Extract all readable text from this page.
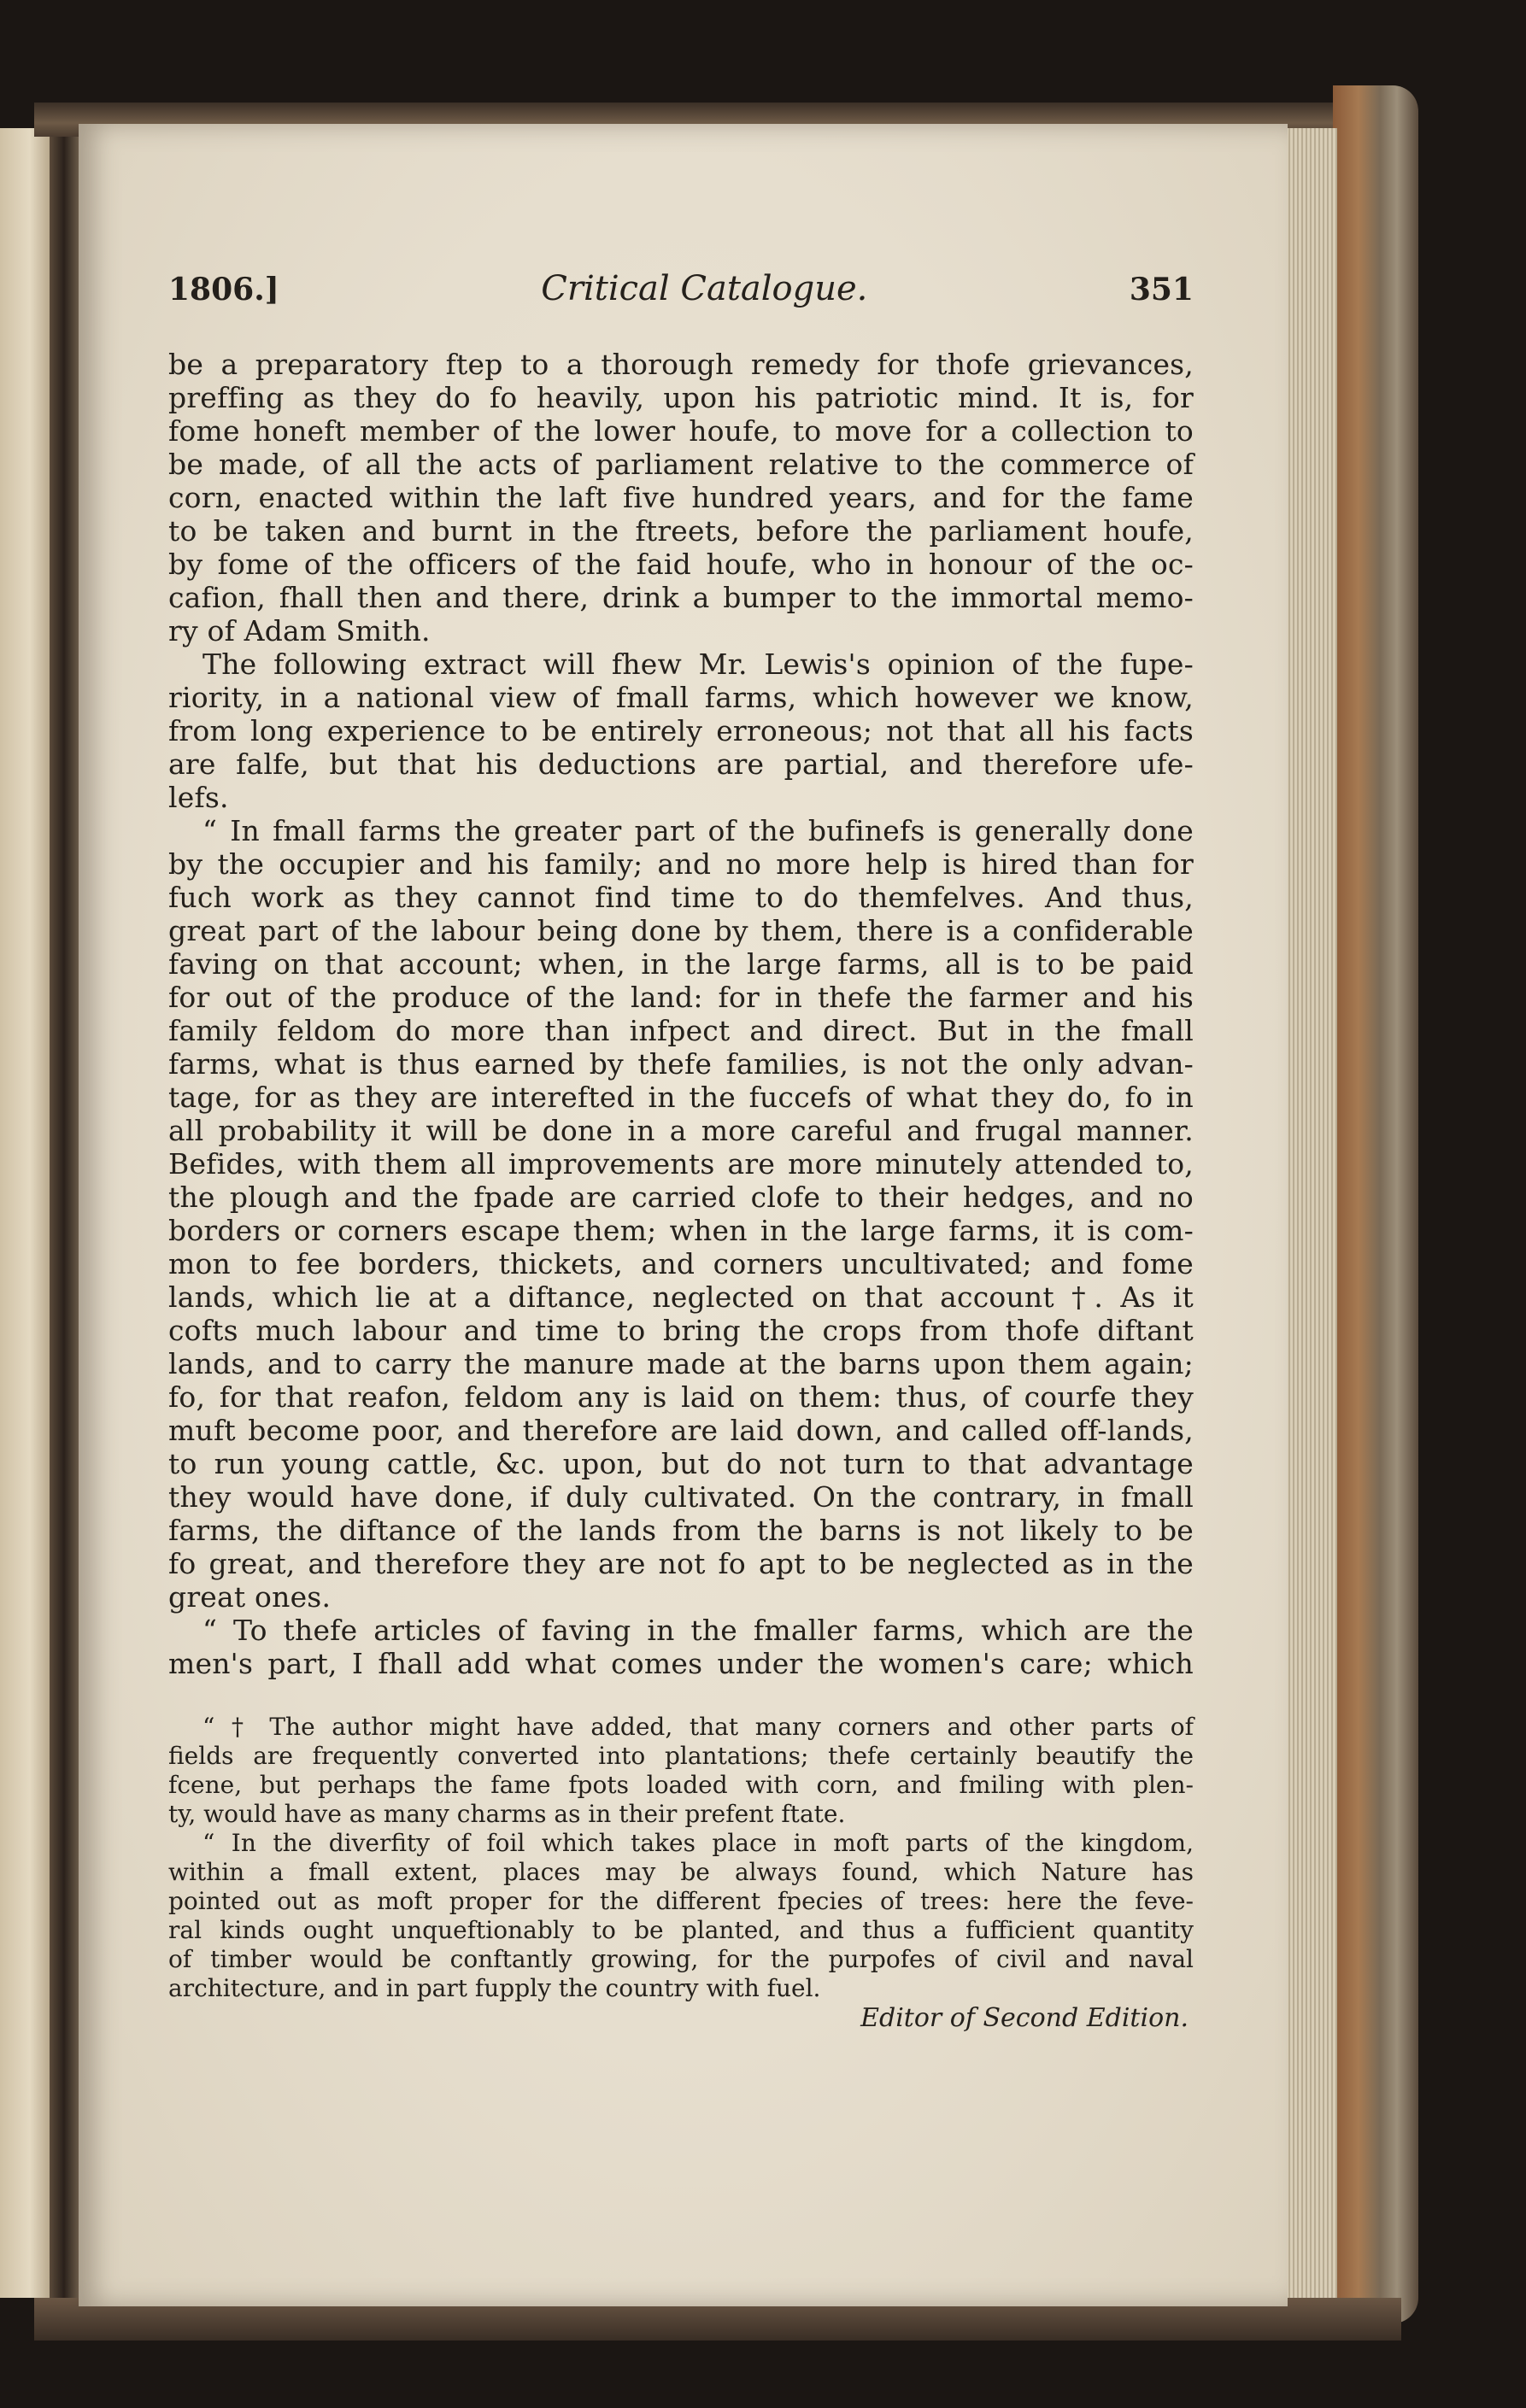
1806.]	Critical Catalogue.	351
be a preparatory ftep to a thorough remedy for thofe grievances,
preffing as they do fo heavily, upon his patriotic mind. It is, for
fome honeft member of the lower houfe, to move for a collection to
be made, of all the acts of parliament relative to the commerce of
corn, enacted within the laft five hundred years, and for the fame
to be taken and burnt in the ftreets, before the parliament houfe,
by fome of the officers of the faid houfe, who in honour of the oc-
cafion, fhall then and there, drink a bumper to the immortal memo-
ry of Adam Smith.
The following extract will fhew Mr. Lewis's opinion of the fupe-
riority, in a national view of fmall farms, which however we know,
from long experience to be entirely erroneous; not that all his facts
are falfe, but that his deductions are partial, and therefore ufe-
lefs.
“ In fmall farms the greater part of the bufinefs is generally done
by the occupier and his family; and no more help is hired than for
fuch work as they cannot find time to do themfelves. And thus,
great part of the labour being done by them, there is a confiderable
faving on that account; when, in the large farms, all is to be paid
for out of the produce of the land: for in thefe the farmer and his
family feldom do more than infpect and direct. But in the fmall
farms, what is thus earned by thefe families, is not the only advan-
tage, for as they are interefted in the fuccefs of what they do, fo in
all probability it will be done in a more careful and frugal manner.
Befides, with them all improvements are more minutely attended to,
the plough and the fpade are carried clofe to their hedges, and no
borders or corners escape them; when in the large farms, it is com-
mon to fee borders, thickets, and corners uncultivated; and fome
lands, which lie at a diftance, neglected on that account †. As it
cofts much labour and time to bring the crops from thofe diftant
lands, and to carry the manure made at the barns upon them again;
fo, for that reafon, feldom any is laid on them: thus, of courfe they
muft become poor, and therefore are laid down, and called off-lands,
to run young cattle, &c. upon, but do not turn to that advantage
they would have done, if duly cultivated. On the contrary, in fmall
farms, the diftance of the lands from the barns is not likely to be
fo great, and therefore they are not fo apt to be neglected as in the
great ones.
“ To thefe articles of faving in the fmaller farms, which are the
men's part, I fhall add what comes under the women's care; which
“ † The author might have added, that many corners and other parts of
fields are frequently converted into plantations; thefe certainly beautify the
fcene, but perhaps the fame fpots loaded with corn, and fmiling with plen-
ty, would have as many charms as in their prefent ftate.
“ In the diverfity of foil which takes place in moft parts of the kingdom,
within a fmall extent, places may be always found, which Nature has
pointed out as moft proper for the different fpecies of trees: here the feve-
ral kinds ought unqueftionably to be planted, and thus a fufficient quantity
of timber would be conftantly growing, for the purpofes of civil and naval
architecture, and in part fupply the country with fuel.
Editor of Second Edition.
